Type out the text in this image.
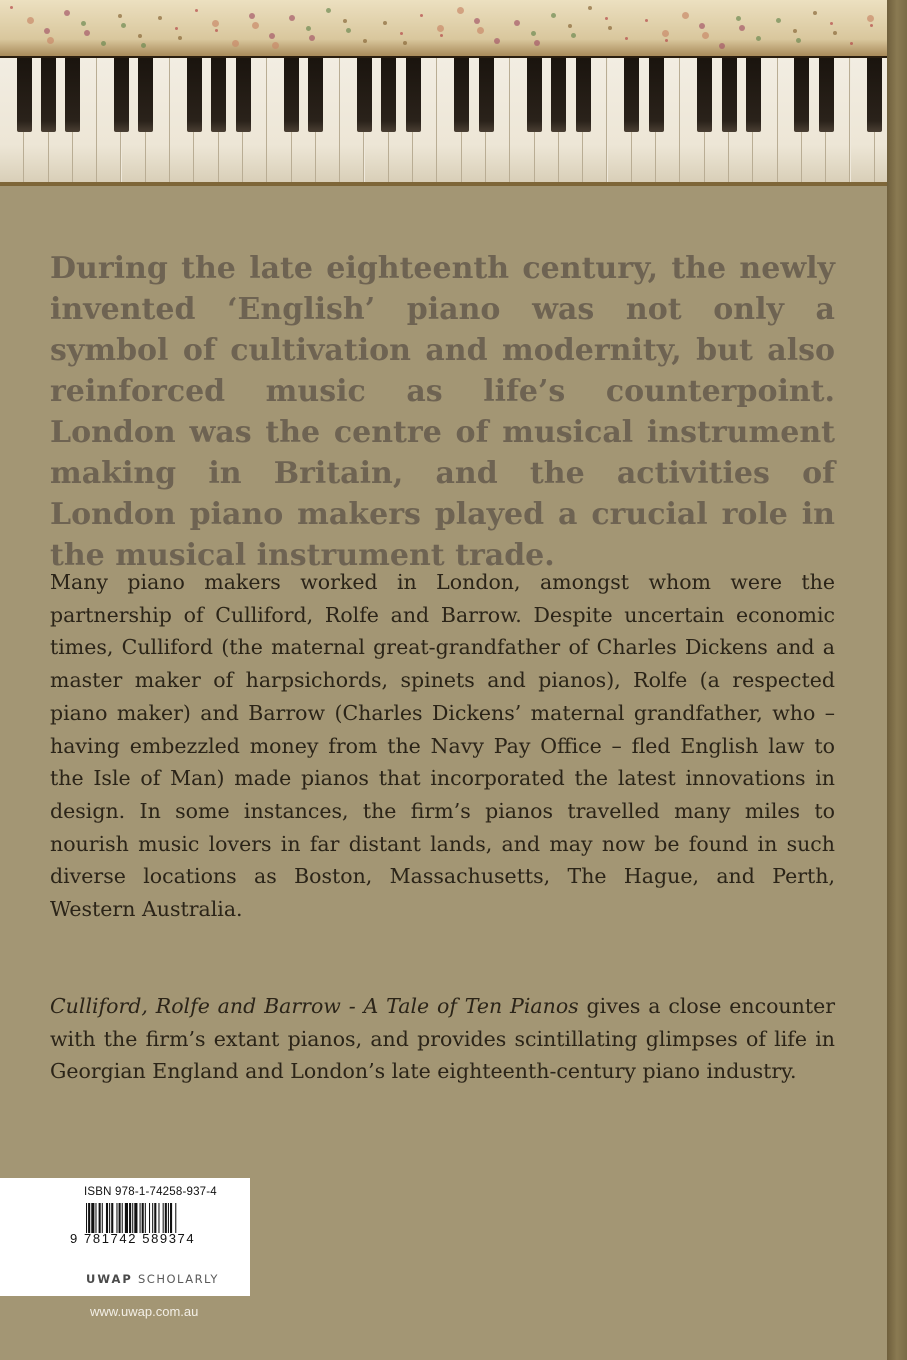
During the late eighteenth century, the newly invented ‘English’ piano was not only a symbol of cultivation and modernity, but also reinforced music as life’s counterpoint. London was the centre of musical instrument making in Britain, and the activities of London piano makers played a crucial role in the musical instrument trade.

Many piano makers worked in London, amongst whom were the partnership of Culliford, Rolfe and Barrow. Despite uncertain economic times, Culliford (the maternal great-grandfather of Charles Dickens and a master maker of harpsichords, spinets and pianos), Rolfe (a respected piano maker) and Barrow (Charles Dickens’ maternal grandfather, who – having embezzled money from the Navy Pay Office – fled English law to the Isle of Man) made pianos that incorporated the latest innovations in design. In some instances, the firm’s pianos travelled many miles to nourish music lovers in far distant lands, and may now be found in such diverse locations as Boston, Massachusetts, The Hague, and Perth, Western Australia.

Culliford, Rolfe and Barrow - A Tale of Ten Pianos gives a close encounter with the firm’s extant pianos, and provides scintillating glimpses of life in Georgian England and London’s late eighteenth-century piano industry.

ISBN 978-1-74258-937-4
9 781742 589374
UWAP SCHOLARLY
www.uwap.com.au
